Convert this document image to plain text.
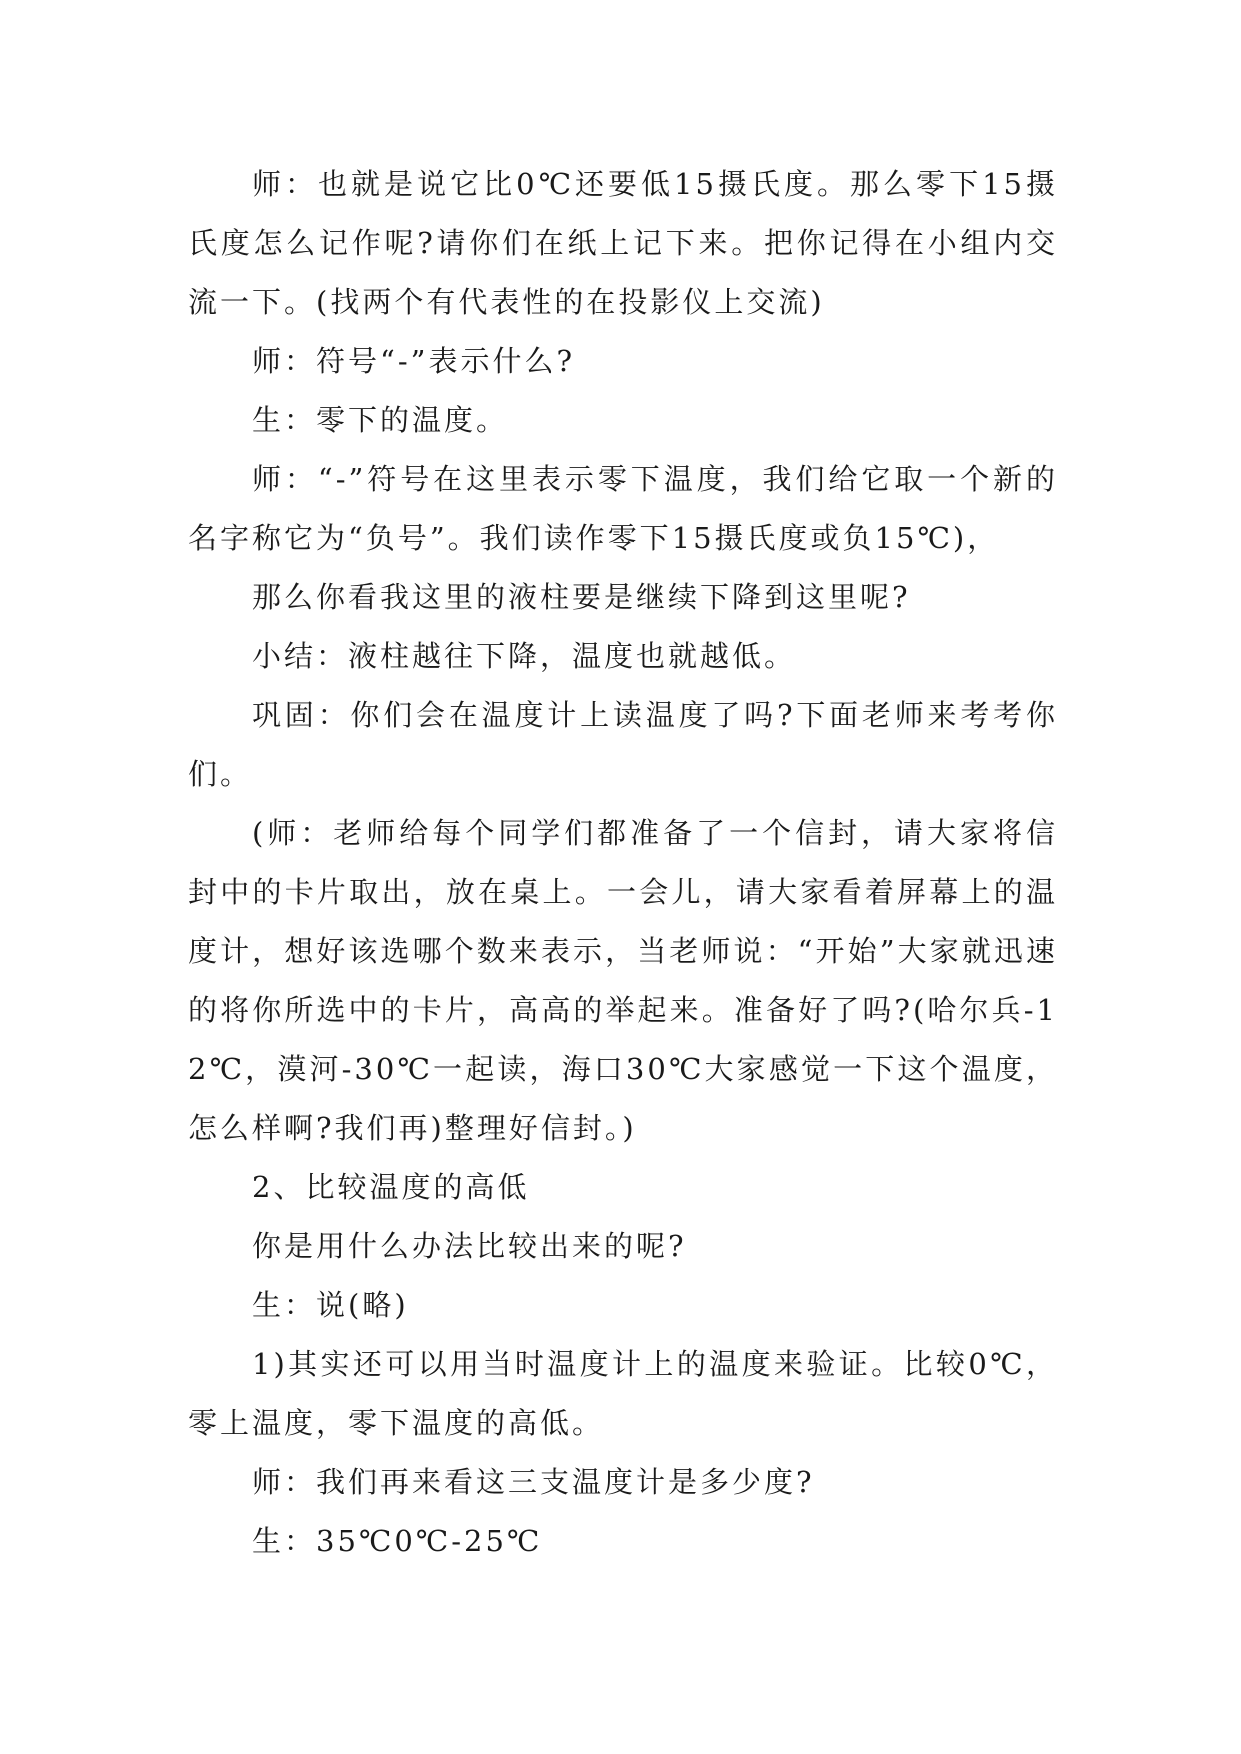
师：也就是说它比0℃还要低15摄氏度。那么零下15摄氏度怎么记作呢?请你们在纸上记下来。把你记得在小组内交流一下。(找两个有代表性的在投影仪上交流)

师：符号“-”表示什么?

生：零下的温度。

师：“-”符号在这里表示零下温度，我们给它取一个新的名字称它为“负号”。我们读作零下15摄氏度或负15℃)，

那么你看我这里的液柱要是继续下降到这里呢?

小结：液柱越往下降，温度也就越低。

巩固：你们会在温度计上读温度了吗?下面老师来考考你们。

(师：老师给每个同学们都准备了一个信封，请大家将信封中的卡片取出，放在桌上。一会儿，请大家看着屏幕上的温度计，想好该选哪个数来表示，当老师说：“开始”大家就迅速的将你所选中的卡片，高高的举起来。准备好了吗?(哈尔兵-12℃，漠河-30℃一起读，海口30℃大家感觉一下这个温度，怎么样啊?我们再)整理好信封。)

2、比较温度的高低

你是用什么办法比较出来的呢?

生：说(略)

1)其实还可以用当时温度计上的温度来验证。比较0℃，零上温度，零下温度的高低。

师：我们再来看这三支温度计是多少度?

生：35℃0℃-25℃
